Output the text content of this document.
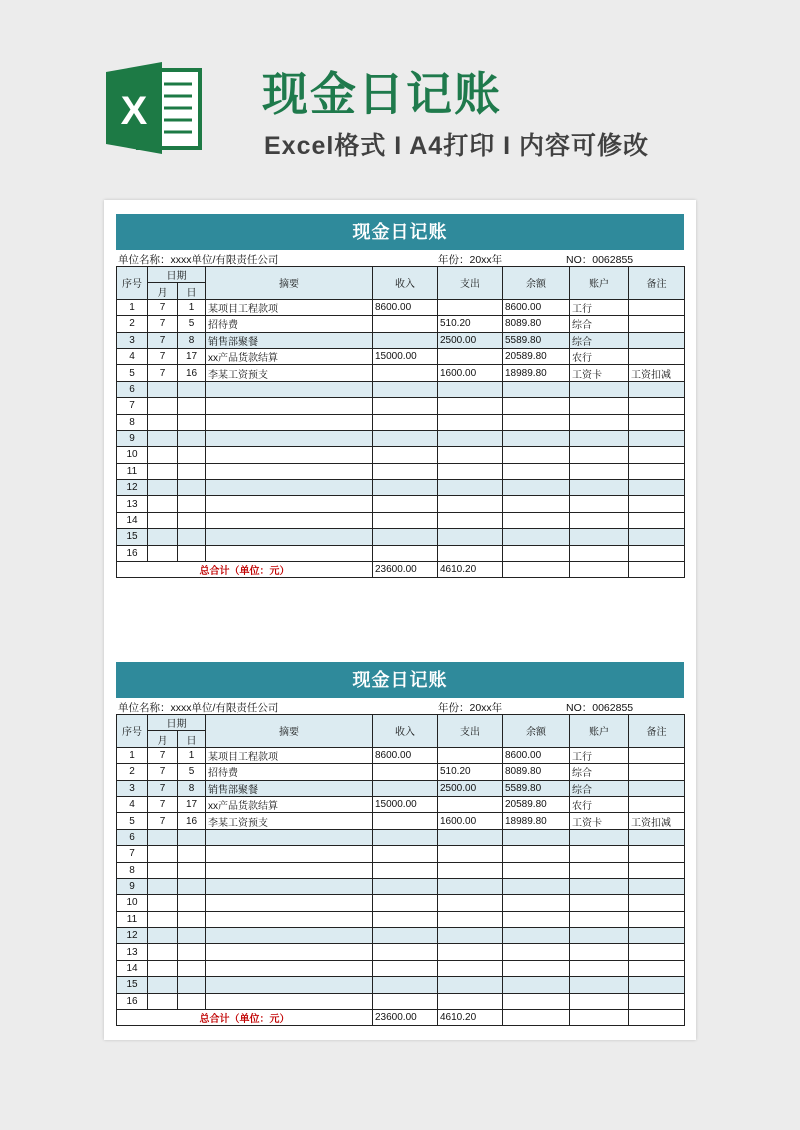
X 现金日记账
Excel格式 I A4打印 I 内容可修改
现金日记账
单位名称：xxxx单位/有限责任公司	年份：20xx年	NO：0062855
序号	日期		摘要	收入	支出	余额	账户	备注
	月	日						
1	7	1	某项目工程款项	8600.00		8600.00	工行	
2	7	5	招待费		510.20	8089.80	综合	
3	7	8	销售部聚餐		2500.00	5589.80	综合	
4	7	17	xx产品货款结算	15000.00		20589.80	农行	
5	7	16	李某工资预支		1600.00	18989.80	工资卡	工资扣减
6								
7								
8								
9								
10								
11								
12								
13								
14								
15								
16								
总合计（单位：元）				23600.00	4610.20			
现金日记账
单位名称：xxxx单位/有限责任公司	年份：20xx年	NO：0062855
序号	日期		摘要	收入	支出	余额	账户	备注
	月	日						
1	7	1	某项目工程款项	8600.00		8600.00	工行	
2	7	5	招待费		510.20	8089.80	综合	
3	7	8	销售部聚餐		2500.00	5589.80	综合	
4	7	17	xx产品货款结算	15000.00		20589.80	农行	
5	7	16	李某工资预支		1600.00	18989.80	工资卡	工资扣减
6								
7								
8								
9								
10								
11								
12								
13								
14								
15								
16								
总合计（单位：元）				23600.00	4610.20			
